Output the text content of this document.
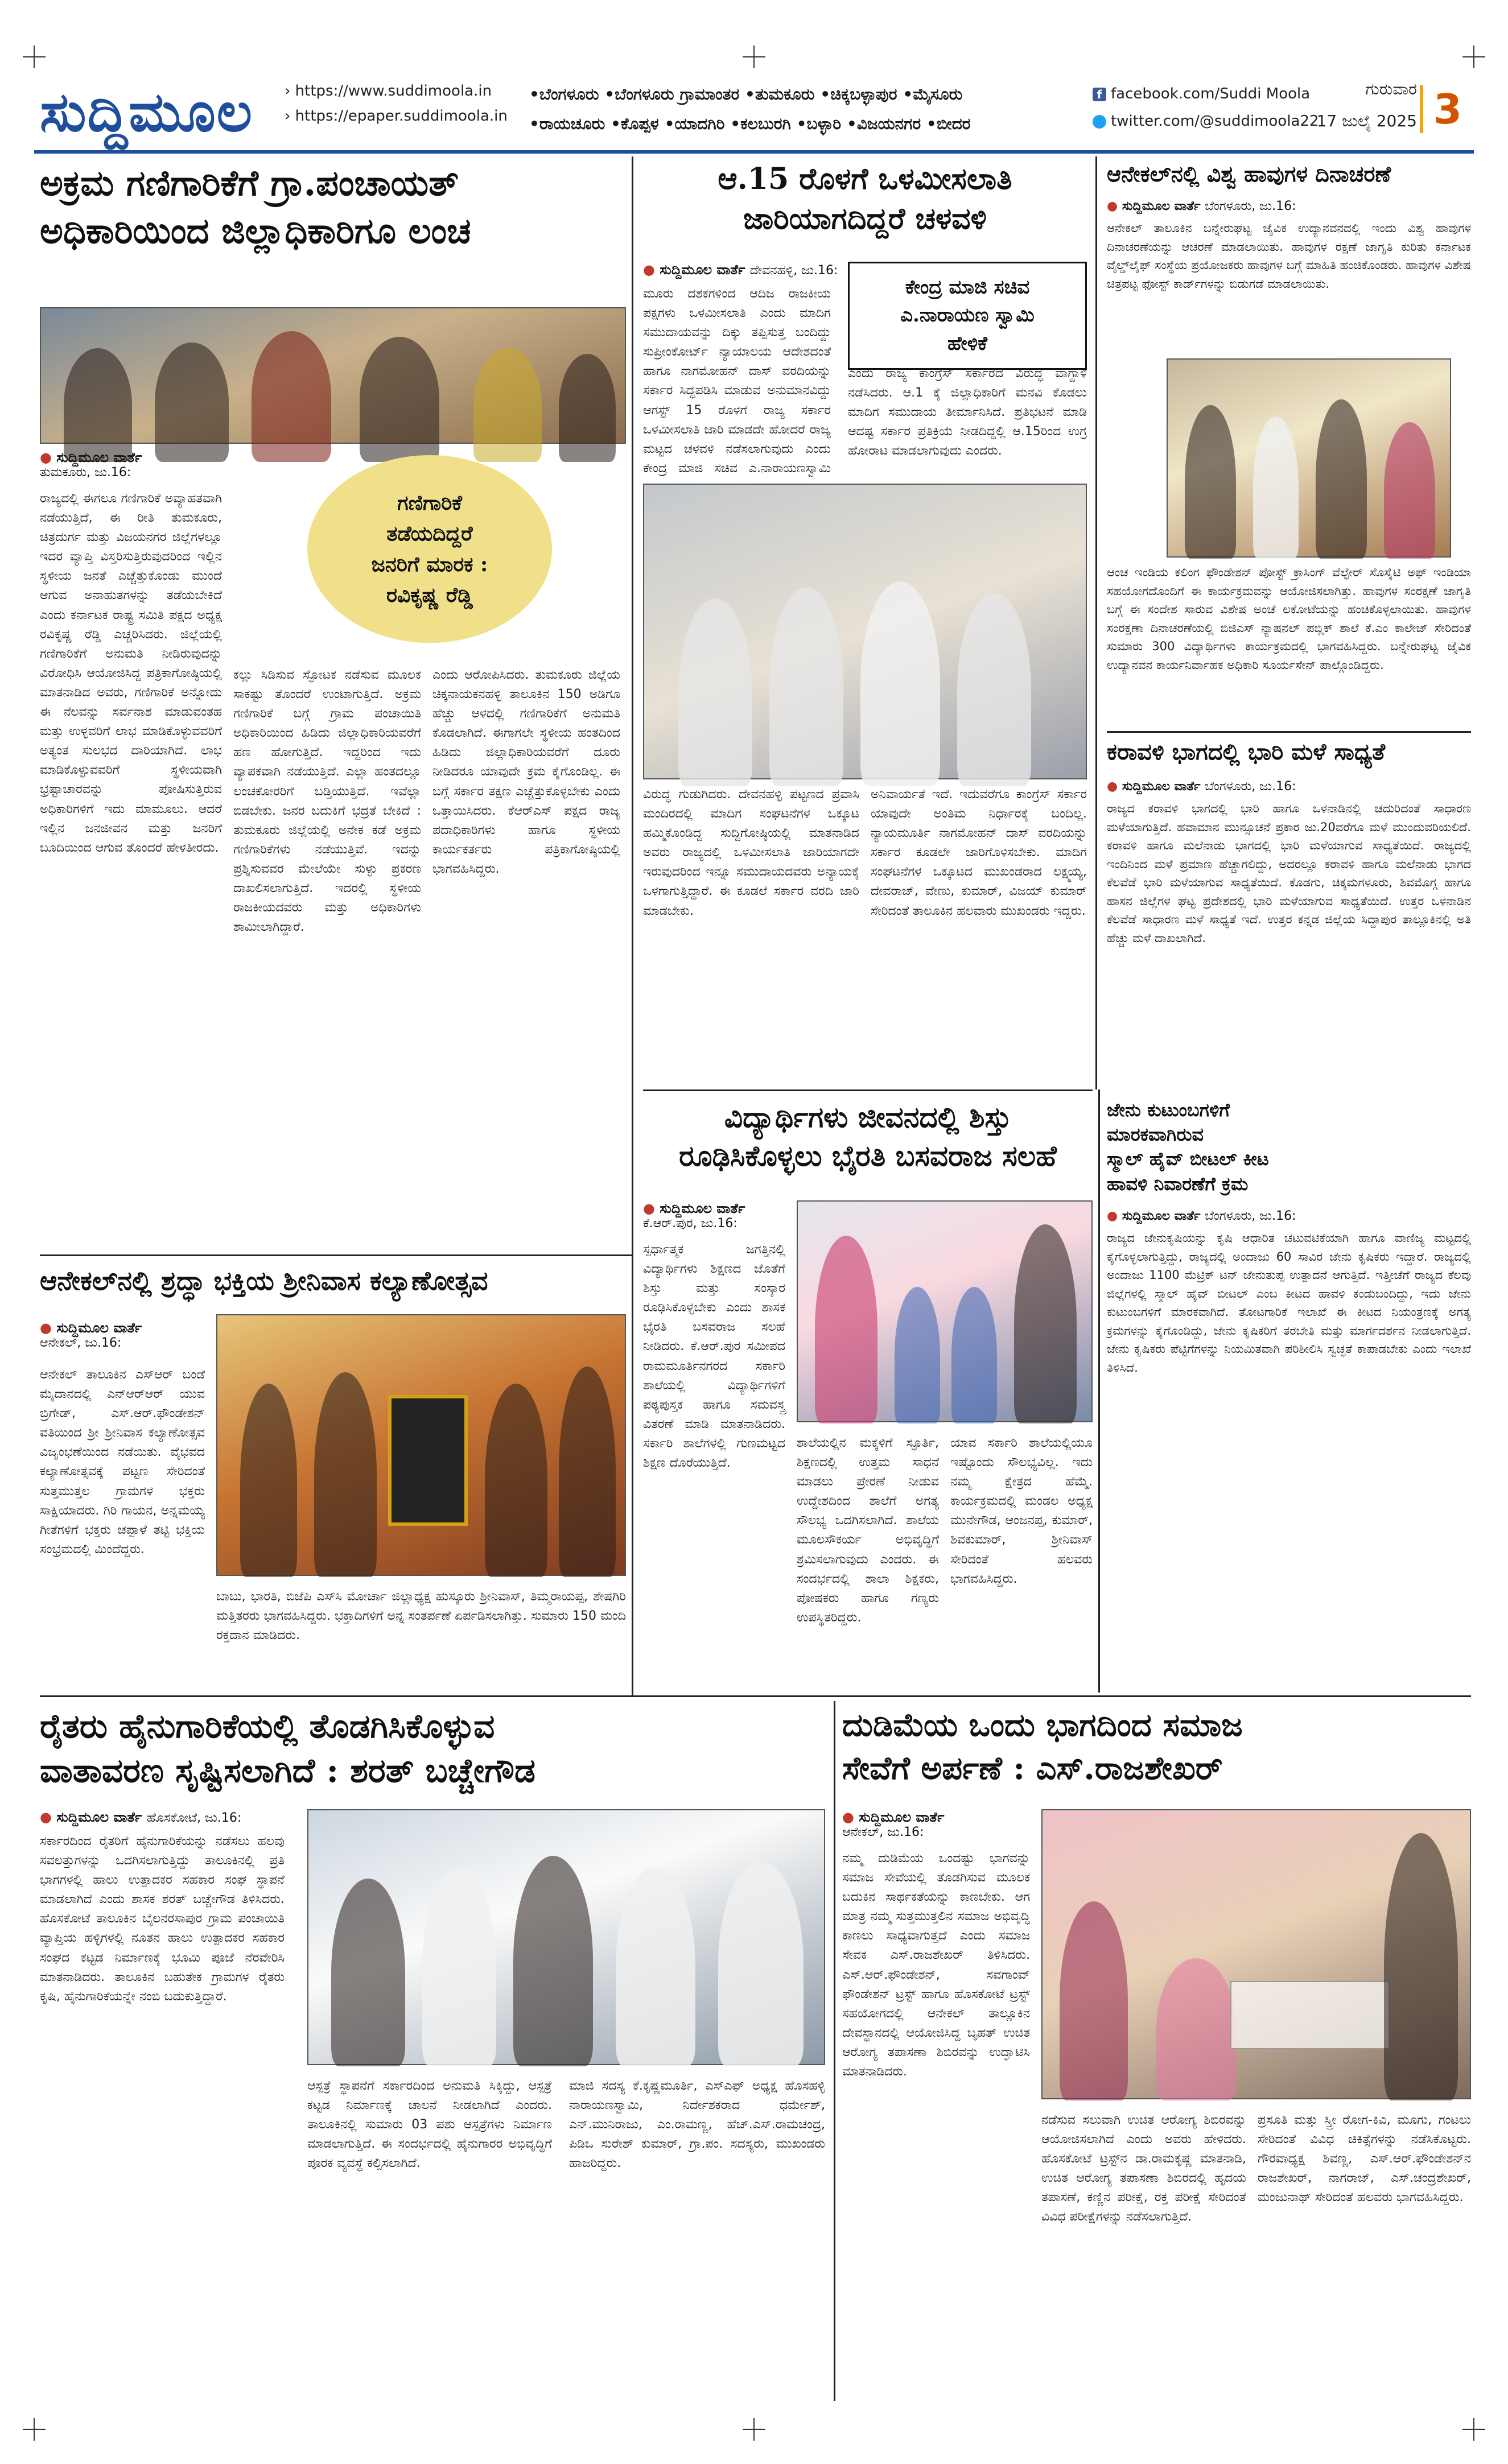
ಸುದ್ದಿಮೂಲ › https://www.suddimoola.in
› https://epaper.suddimoola.in
•ಬೆಂಗಳೂರು •ಬೆಂಗಳೂರು ಗ್ರಾಮಾಂತರ •ತುಮಕೂರು •ಚಿಕ್ಕಬಳ್ಳಾಪುರ •ಮೈಸೂರು
•ರಾಯಚೂರು •ಕೊಪ್ಪಳ •ಯಾದಗಿರಿ •ಕಲಬುರಗಿ •ಬಳ್ಳಾರಿ •ವಿಜಯನಗರ •ಬೀದರ
f facebook.com/Suddi Moola
twitter.com/@suddimoola22
ಗುರುವಾರ
17 ಜುಲೈ 2025 3
ಅಕ್ರಮ ಗಣಿಗಾರಿಕೆಗೆ ಗ್ರಾ.ಪಂಚಾಯತ್
ಅಧಿಕಾರಿಯಿಂದ ಜಿಲ್ಲಾಧಿಕಾರಿಗೂ ಲಂಚ
● ಸುದ್ದಿಮೂಲ ವಾರ್ತೆ
ತುಮಕೂರು, ಜು.16:
ರಾಜ್ಯದಲ್ಲಿ ಈಗಲೂ ಗಣಿಗಾರಿಕೆ ಅವ್ಯಾಹತವಾಗಿ ನಡೆಯುತ್ತಿದೆ, ಈ ರೀತಿ ತುಮಕೂರು, ಚಿತ್ರದುರ್ಗ ಮತ್ತು ವಿಜಯನಗರ ಜಿಲ್ಲೆಗಳಲ್ಲೂ ಇದರ ವ್ಯಾಪ್ತಿ ವಿಸ್ತರಿಸುತ್ತಿರುವುದರಿಂದ ಇಲ್ಲಿನ ಸ್ಥಳೀಯ ಜನತೆ ಎಚ್ಚೆತ್ತುಕೊಂಡು ಮುಂದೆ ಆಗುವ ಅನಾಹುತಗಳನ್ನು ತಡೆಯಬೇಕಿದೆ ಎಂದು ಕರ್ನಾಟಕ ರಾಷ್ಟ್ರ ಸಮಿತಿ ಪಕ್ಷದ ಅಧ್ಯಕ್ಷ ರವಿಕೃಷ್ಣ ರೆಡ್ಡಿ ಎಚ್ಚರಿಸಿದರು. ಜಿಲ್ಲೆಯಲ್ಲಿ ಗಣಿಗಾರಿಕೆಗೆ ಅನುಮತಿ ನೀಡಿರುವುದನ್ನು ವಿರೋಧಿಸಿ ಆಯೋಜಿಸಿದ್ದ ಪತ್ರಿಕಾಗೋಷ್ಠಿಯಲ್ಲಿ ಮಾತನಾಡಿದ ಅವರು, ಗಣಿಗಾರಿಕೆ ಅನ್ನೋದು ಈ ನೆಲವನ್ನು ಸರ್ವನಾಶ ಮಾಡುವಂತಹ ಮತ್ತು ಉಳ್ಳವರಿಗೆ ಲಾಭ ಮಾಡಿಕೊಳ್ಳುವವರಿಗೆ ಅತ್ಯಂತ ಸುಲಭದ ದಾರಿಯಾಗಿದೆ. ಲಾಭ ಮಾಡಿಕೊಳ್ಳುವವರಿಗೆ ಸ್ಥಳೀಯವಾಗಿ ಭ್ರಷ್ಟಾಚಾರವನ್ನು ಪೋಷಿಸುತ್ತಿರುವ ಅಧಿಕಾರಿಗಳಿಗೆ ಇದು ಮಾಮೂಲು. ಆದರೆ ಇಲ್ಲಿನ ಜನಜೀವನ ಮತ್ತು ಜನರಿಗೆ ಬೂದಿಯಿಂದ ಆಗುವ ತೊಂದರೆ ಹೇಳತೀರದು.
ಕಲ್ಲು ಸಿಡಿಸುವ ಸ್ಫೋಟಕ ನಡೆಸುವ ಮೂಲಕ ಸಾಕಷ್ಟು ತೊಂದರೆ ಉಂಟಾಗುತ್ತಿದೆ. ಅಕ್ರಮ ಗಣಿಗಾರಿಕೆ ಬಗ್ಗೆ ಗ್ರಾಮ ಪಂಚಾಯಿತಿ ಅಧಿಕಾರಿಯಿಂದ ಹಿಡಿದು ಜಿಲ್ಲಾಧಿಕಾರಿಯವರೆಗೆ ಹಣ ಹೋಗುತ್ತಿದೆ. ಇದ್ದರಿಂದ ಇದು ವ್ಯಾಪಕವಾಗಿ ನಡೆಯುತ್ತಿದೆ. ಎಲ್ಲಾ ಹಂತದಲ್ಲೂ ಲಂಚಕೋರರಿಗೆ ಬಡ್ತಿಯುತ್ತಿದೆ. ಇವೆಲ್ಲಾ ಬಿಡಬೇಕು. ಜನರ ಬದುಕಿಗೆ ಭದ್ರತೆ ಬೇಕಿದೆ : ತುಮಕೂರು ಜಿಲ್ಲೆಯಲ್ಲಿ ಅನೇಕ ಕಡೆ ಅಕ್ರಮ ಗಣಿಗಾರಿಕೆಗಳು ನಡೆಯುತ್ತಿವೆ. ಇದನ್ನು ಪ್ರಶ್ನಿಸುವವರ ಮೇಲೆಯೇ ಸುಳ್ಳು ಪ್ರಕರಣ ದಾಖಲಿಸಲಾಗುತ್ತಿದೆ. ಇದರಲ್ಲಿ ಸ್ಥಳೀಯ ರಾಜಕೀಯದವರು ಮತ್ತು ಅಧಿಕಾರಿಗಳು ಶಾಮೀಲಾಗಿದ್ದಾರೆ.
ಎಂದು ಆರೋಪಿಸಿದರು. ತುಮಕೂರು ಜಿಲ್ಲೆಯ ಚಿಕ್ಕನಾಯಕನಹಳ್ಳಿ ತಾಲೂಕಿನ 150 ಅಡಿಗೂ ಹೆಚ್ಚು ಆಳದಲ್ಲಿ ಗಣಿಗಾರಿಕೆಗೆ ಅನುಮತಿ ಕೊಡಲಾಗಿದೆ. ಈಗಾಗಲೇ ಸ್ಥಳೀಯ ಹಂತದಿಂದ ಹಿಡಿದು ಜಿಲ್ಲಾಧಿಕಾರಿಯವರೆಗೆ ದೂರು ನೀಡಿದರೂ ಯಾವುದೇ ಕ್ರಮ ಕೈಗೊಂಡಿಲ್ಲ. ಈ ಬಗ್ಗೆ ಸರ್ಕಾರ ತಕ್ಷಣ ಎಚ್ಚೆತ್ತುಕೊಳ್ಳಬೇಕು ಎಂದು ಒತ್ತಾಯಿಸಿದರು. ಕೆಆರ್‌ಎಸ್ ಪಕ್ಷದ ರಾಜ್ಯ ಪದಾಧಿಕಾರಿಗಳು ಹಾಗೂ ಸ್ಥಳೀಯ ಕಾರ್ಯಕರ್ತರು ಪತ್ರಿಕಾಗೋಷ್ಠಿಯಲ್ಲಿ ಭಾಗವಹಿಸಿದ್ದರು.
ಗಣಿಗಾರಿಕೆ
ತಡೆಯದಿದ್ದರೆ
ಜನರಿಗೆ ಮಾರಕ :
ರವಿಕೃಷ್ಣ ರೆಡ್ಡಿ
ಆ.15 ರೊಳಗೆ ಒಳಮೀಸಲಾತಿ
ಜಾರಿಯಾಗದಿದ್ದರೆ ಚಳವಳಿ
● ಸುದ್ದಿಮೂಲ ವಾರ್ತೆ ದೇವನಹಳ್ಳಿ, ಜು.16:
ಮೂರು ದಶಕಗಳಿಂದ ಆದಿಜ ರಾಜಕೀಯ ಪಕ್ಷಗಳು ಒಳಮೀಸಲಾತಿ ಎಂದು ಮಾದಿಗ ಸಮುದಾಯವನ್ನು ದಿಕ್ಕು ತಪ್ಪಿಸುತ್ತ ಬಂದಿದ್ದು ಸುಪ್ರೀಂಕೋರ್ಟ್ ನ್ಯಾಯಾಲಯ ಆದೇಶದಂತೆ ಹಾಗೂ ನಾಗಮೋಹನ್ ದಾಸ್ ವರದಿಯನ್ನು ಸರ್ಕಾರ ಸಿದ್ಧಪಡಿಸಿ ಮಾಡುವ ಅನುಮಾನವಿದ್ದು ಆಗಸ್ಟ್ 15 ರೊಳಗೆ ರಾಜ್ಯ ಸರ್ಕಾರ ಒಳಮೀಸಲಾತಿ ಜಾರಿ ಮಾಡದೇ ಹೋದರೆ ರಾಜ್ಯ ಮಟ್ಟದ ಚಳವಳಿ ನಡೆಸಲಾಗುವುದು ಎಂದು ಕೇಂದ್ರ ಮಾಜಿ ಸಚಿವ ಎ.ನಾರಾಯಣಸ್ವಾಮಿ
ಕೇಂದ್ರ ಮಾಜಿ ಸಚಿವ
ಎ.ನಾರಾಯಣ ಸ್ವಾಮಿ
ಹೇಳಿಕೆ
ಎಂದು ರಾಜ್ಯ ಕಾಂಗ್ರೆಸ್ ಸರ್ಕಾರದ ವಿರುದ್ಧ ವಾಗ್ದಾಳಿ ನಡೆಸಿದರು. ಆ.1 ಕ್ಕೆ ಜಿಲ್ಲಾಧಿಕಾರಿಗೆ ಮನವಿ ಕೊಡಲು ಮಾದಿಗ ಸಮುದಾಯ ತೀರ್ಮಾನಿಸಿದೆ. ಪ್ರತಿಭಟನೆ ಮಾಡಿ ಆದಷ್ಟ ಸರ್ಕಾರ ಪ್ರತಿಕ್ರಿಯೆ ನೀಡದಿದ್ದಲ್ಲಿ ಆ.15ರಿಂದ ಉಗ್ರ ಹೋರಾಟ ಮಾಡಲಾಗುವುದು ಎಂದರು.
ವಿರುದ್ಧ ಗುಡುಗಿದರು. ದೇವನಹಳ್ಳಿ ಪಟ್ಟಣದ ಪ್ರವಾಸಿ ಮಂದಿರದಲ್ಲಿ ಮಾದಿಗ ಸಂಘಟನೆಗಳ ಒಕ್ಕೂಟ ಹಮ್ಮಿಕೊಂಡಿದ್ದ ಸುದ್ದಿಗೋಷ್ಠಿಯಲ್ಲಿ ಮಾತನಾಡಿದ ಅವರು ರಾಜ್ಯದಲ್ಲಿ ಒಳಮೀಸಲಾತಿ ಜಾರಿಯಾಗದೇ ಇರುವುದರಿಂದ ಇನ್ನೂ ಸಮುದಾಯದವರು ಅನ್ಯಾಯಕ್ಕೆ ಒಳಗಾಗುತ್ತಿದ್ದಾರೆ. ಈ ಕೂಡಲೆ ಸರ್ಕಾರ ವರದಿ ಜಾರಿ ಮಾಡಬೇಕು.
ಅನಿವಾರ್ಯತೆ ಇದೆ. ಇದುವರೆಗೂ ಕಾಂಗ್ರೆಸ್ ಸರ್ಕಾರ ಯಾವುದೇ ಅಂತಿಮ ನಿರ್ಧಾರಕ್ಕೆ ಬಂದಿಲ್ಲ. ನ್ಯಾಯಮೂರ್ತಿ ನಾಗಮೋಹನ್ ದಾಸ್ ವರದಿಯನ್ನು ಸರ್ಕಾರ ಕೂಡಲೇ ಜಾರಿಗೊಳಿಸಬೇಕು. ಮಾದಿಗ ಸಂಘಟನೆಗಳ ಒಕ್ಕೂಟದ ಮುಖಂಡರಾದ ಲಕ್ಷ್ಮಯ್ಯ, ದೇವರಾಜ್, ವೇಣು, ಕುಮಾರ್, ವಿಜಯ್ ಕುಮಾರ್ ಸೇರಿದಂತೆ ತಾಲೂಕಿನ ಹಲವಾರು ಮುಖಂಡರು ಇದ್ದರು.
ಆನೇಕಲ್‌ನಲ್ಲಿ ವಿಶ್ವ ಹಾವುಗಳ ದಿನಾಚರಣೆ
● ಸುದ್ದಿಮೂಲ ವಾರ್ತೆ ಬೆಂಗಳೂರು, ಜು.16:
ಆನೇಕಲ್ ತಾಲೂಕಿನ ಬನ್ನೇರುಘಟ್ಟ ಜೈವಿಕ ಉದ್ಯಾನವನದಲ್ಲಿ ಇಂದು ವಿಶ್ವ ಹಾವುಗಳ ದಿನಾಚರಣೆಯನ್ನು ಆಚರಣೆ ಮಾಡಲಾಯಿತು. ಹಾವುಗಳ ರಕ್ಷಣೆ ಜಾಗೃತಿ ಕುರಿತು ಕರ್ನಾಟಕ ವೈಲ್ಡ್‌ಲೈಫ್ ಸಂಸ್ಥೆಯ ಪ್ರಯೋಜಕರು ಹಾವುಗಳ ಬಗ್ಗೆ ಮಾಹಿತಿ ಹಂಚಿಕೊಂಡರು. ಹಾವುಗಳ ವಿಶೇಷ ಚಿತ್ರಪಟ್ಟ ಫೋಸ್ಟ್ ಕಾರ್ಡ್‌ಗಳನ್ನು ಬಿಡುಗಡೆ ಮಾಡಲಾಯಿತು.
ಆಂಚ ಇಂಡಿಯ ಕಲಿಂಗ ಫೌಂಡೇಶನ್ ಪೋಸ್ಟ್ ಕ್ರಾಸಿಂಗ್ ವೆಲ್ಫೇರ್ ಸೊಸೈಟಿ ಅಫ್ ಇಂಡಿಯಾ ಸಹಯೋಗದೊಂದಿಗೆ ಈ ಕಾರ್ಯಕ್ರಮವನ್ನು ಆಯೋಜಿಸಲಾಗಿತ್ತು. ಹಾವುಗಳ ಸಂರಕ್ಷಣೆ ಜಾಗೃತಿ ಬಗ್ಗೆ ಈ ಸಂದೇಶ ಸಾರುವ ವಿಶೇಷ ಅಂಚೆ ಲಕೋಟೆಯನ್ನು ಹಂಚಿಕೊಳ್ಳಲಾಯಿತು. ಹಾವುಗಳ ಸಂರಕ್ಷಣಾ ದಿನಾಚರಣೆಯಲ್ಲಿ ಬಿಜಿಎಸ್ ನ್ಯಾಷನಲ್ ಪಬ್ಲಿಕ್ ಶಾಲೆ ಕೆ.ಎಂ ಕಾಲೇಜ್ ಸೇರಿದಂತೆ ಸುಮಾರು 300 ವಿದ್ಯಾರ್ಥಿಗಳು ಕಾರ್ಯಕ್ರಮದಲ್ಲಿ ಭಾಗವಹಿಸಿದ್ದರು. ಬನ್ನೇರುಘಟ್ಟ ಜೈವಿಕ ಉದ್ಯಾನವನ ಕಾರ್ಯನಿರ್ವಾಹಕ ಅಧಿಕಾರಿ ಸೂರ್ಯಸೇನ್ ಪಾಲ್ಗೊಂಡಿದ್ದರು.
ಕರಾವಳಿ ಭಾಗದಲ್ಲಿ ಭಾರಿ ಮಳೆ ಸಾಧ್ಯತೆ
● ಸುದ್ದಿಮೂಲ ವಾರ್ತೆ ಬೆಂಗಳೂರು, ಜು.16:
ರಾಜ್ಯದ ಕರಾವಳಿ ಭಾಗದಲ್ಲಿ ಭಾರಿ ಹಾಗೂ ಒಳನಾಡಿನಲ್ಲಿ ಚದುರಿದಂತೆ ಸಾಧಾರಣ ಮಳೆಯಾಗುತ್ತಿದೆ. ಹವಾಮಾನ ಮುನ್ಸೂಚನೆ ಪ್ರಕಾರ ಜು.20ವರೆಗೂ ಮಳೆ ಮುಂದುವರಿಯಲಿದೆ. ಕರಾವಳಿ ಹಾಗೂ ಮಲೆನಾಡು ಭಾಗದಲ್ಲಿ ಭಾರಿ ಮಳೆಯಾಗುವ ಸಾಧ್ಯತೆಯಿದೆ. ರಾಜ್ಯದಲ್ಲಿ ಇಂದಿನಿಂದ ಮಳೆ ಪ್ರಮಾಣ ಹೆಚ್ಚಾಗಲಿದ್ದು, ಅದರಲ್ಲೂ ಕರಾವಳಿ ಹಾಗೂ ಮಲೆನಾಡು ಭಾಗದ ಕೆಲವೆಡೆ ಭಾರಿ ಮಳೆಯಾಗುವ ಸಾಧ್ಯತೆಯಿದೆ. ಕೊಡಗು, ಚಿಕ್ಕಮಗಳೂರು, ಶಿವಮೊಗ್ಗ ಹಾಗೂ ಹಾಸನ ಜಿಲ್ಲೆಗಳ ಘಟ್ಟ ಪ್ರದೇಶದಲ್ಲಿ ಭಾರಿ ಮಳೆಯಾಗುವ ಸಾಧ್ಯತೆಯಿದೆ. ಉತ್ತರ ಒಳನಾಡಿನ ಕೆಲವೆಡೆ ಸಾಧಾರಣ ಮಳೆ ಸಾಧ್ಯತೆ ಇದೆ. ಉತ್ತರ ಕನ್ನಡ ಜಿಲ್ಲೆಯ ಸಿದ್ದಾಪುರ ತಾಲ್ಲೂಕಿನಲ್ಲಿ ಅತಿ ಹೆಚ್ಚು ಮಳೆ ದಾಖಲಾಗಿದೆ.
ಆನೇಕಲ್‌ನಲ್ಲಿ ಶ್ರದ್ಧಾ ಭಕ್ತಿಯ ಶ್ರೀನಿವಾಸ ಕಲ್ಯಾಣೋತ್ಸವ
● ಸುದ್ದಿಮೂಲ ವಾರ್ತೆ
ಆನೇಕಲ್, ಜು.16:
ಆನೇಕಲ್ ತಾಲೂಕಿನ ಎಸ್ಆರ್ ಬಂಡೆ ಮೈದಾನದಲ್ಲಿ ಎನ್‌ಆರ್‌ಆರ್ ಯುವ ಬ್ರಿಗೇಡ್, ಎಸ್.ಆರ್.ಫೌಂಡೇಶನ್ ವತಿಯಿಂದ ಶ್ರೀ ಶ್ರೀನಿವಾಸ ಕಲ್ಯಾಣೋತ್ಸವ ವಿಜೃಂಭಣೆಯಿಂದ ನಡೆಯಿತು. ವೈಭವದ ಕಲ್ಯಾಣೋತ್ಸವಕ್ಕೆ ಪಟ್ಟಣ ಸೇರಿದಂತೆ ಸುತ್ತಮುತ್ತಲ ಗ್ರಾಮಗಳ ಭಕ್ತರು ಸಾಕ್ಷಿಯಾದರು. ಗಿರಿ ಗಾಯನ, ಅನ್ನಮಯ್ಯ ಗೀತೆಗಳಿಗೆ ಭಕ್ತರು ಚಪ್ಪಾಳೆ ತಟ್ಟಿ ಭಕ್ತಿಯ ಸಂಭ್ರಮದಲ್ಲಿ ಮಿಂದೆದ್ದರು.
ಬಾಬು, ಭಾರತಿ, ಬಿಜೆಪಿ ಎಸ್‌ಸಿ ಮೋರ್ಚಾ ಜಿಲ್ಲಾಧ್ಯಕ್ಷ ಹುಸ್ಕೂರು ಶ್ರೀನಿವಾಸ್, ತಿಮ್ಮರಾಯಪ್ಪ, ಶೇಷಗಿರಿ ಮತ್ತಿತರರು ಭಾಗವಹಿಸಿದ್ದರು. ಭಕ್ತಾದಿಗಳಿಗೆ ಅನ್ನ ಸಂತರ್ಪಣೆ ಏರ್ಪಡಿಸಲಾಗಿತ್ತು. ಸುಮಾರು 150 ಮಂದಿ ರಕ್ತದಾನ ಮಾಡಿದರು.
ವಿದ್ಯಾರ್ಥಿಗಳು ಜೀವನದಲ್ಲಿ ಶಿಸ್ತು
ರೂಢಿಸಿಕೊಳ್ಳಲು ಭೈರತಿ ಬಸವರಾಜ ಸಲಹೆ
● ಸುದ್ದಿಮೂಲ ವಾರ್ತೆ
ಕೆ.ಆರ್.ಪುರ, ಜು.16:
ಸ್ಪರ್ಧಾತ್ಮಕ ಜಗತ್ತಿನಲ್ಲಿ ವಿದ್ಯಾರ್ಥಿಗಳು ಶಿಕ್ಷಣದ ಜೊತೆಗೆ ಶಿಸ್ತು ಮತ್ತು ಸಂಸ್ಕಾರ ರೂಢಿಸಿಕೊಳ್ಳಬೇಕು ಎಂದು ಶಾಸಕ ಭೈರತಿ ಬಸವರಾಜ ಸಲಹೆ ನೀಡಿದರು. ಕೆ.ಆರ್.ಪುರ ಸಮೀಪದ ರಾಮಮೂರ್ತಿನಗರದ ಸರ್ಕಾರಿ ಶಾಲೆಯಲ್ಲಿ ವಿದ್ಯಾರ್ಥಿಗಳಿಗೆ ಪಠ್ಯಪುಸ್ತಕ ಹಾಗೂ ಸಮವಸ್ತ್ರ ವಿತರಣೆ ಮಾಡಿ ಮಾತನಾಡಿದರು. ಸರ್ಕಾರಿ ಶಾಲೆಗಳಲ್ಲಿ ಗುಣಮಟ್ಟದ ಶಿಕ್ಷಣ ದೊರೆಯುತ್ತಿದೆ.
ಶಾಲೆಯಲ್ಲಿನ ಮಕ್ಕಳಿಗೆ ಸ್ಫೂರ್ತಿ, ಶಿಕ್ಷಣದಲ್ಲಿ ಉತ್ತಮ ಸಾಧನೆ ಮಾಡಲು ಪ್ರೇರಣೆ ನೀಡುವ ಉದ್ದೇಶದಿಂದ ಶಾಲೆಗೆ ಅಗತ್ಯ ಸೌಲಭ್ಯ ಒದಗಿಸಲಾಗಿದೆ. ಶಾಲೆಯ ಮೂಲಸೌಕರ್ಯ ಅಭಿವೃದ್ಧಿಗೆ ಶ್ರಮಿಸಲಾಗುವುದು ಎಂದರು. ಈ ಸಂದರ್ಭದಲ್ಲಿ ಶಾಲಾ ಶಿಕ್ಷಕರು, ಪೋಷಕರು ಹಾಗೂ ಗಣ್ಯರು ಉಪಸ್ಥಿತರಿದ್ದರು.
ಯಾವ ಸರ್ಕಾರಿ ಶಾಲೆಯಲ್ಲಿಯೂ ಇಷ್ಟೊಂದು ಸೌಲಭ್ಯವಿಲ್ಲ. ಇದು ನಮ್ಮ ಕ್ಷೇತ್ರದ ಹೆಮ್ಮೆ. ಕಾರ್ಯಕ್ರಮದಲ್ಲಿ ಮಂಡಲ ಅಧ್ಯಕ್ಷ ಮುನೇಗೌಡ, ಆಂಜನಪ್ಪ, ಕುಮಾರ್, ಶಿವಕುಮಾರ್, ಶ್ರೀನಿವಾಸ್ ಸೇರಿದಂತೆ ಹಲವರು ಭಾಗವಹಿಸಿದ್ದರು.
ಜೇನು ಕುಟುಂಬಗಳಿಗೆ
ಮಾರಕವಾಗಿರುವ
ಸ್ಮಾಲ್ ಹೈವ್ ಬೀಟಲ್ ಕೀಟ
ಹಾವಳಿ ನಿವಾರಣೆಗೆ ಕ್ರಮ
● ಸುದ್ದಿಮೂಲ ವಾರ್ತೆ ಬೆಂಗಳೂರು, ಜು.16:
ರಾಜ್ಯದ ಜೇನುಕೃಷಿಯನ್ನು ಕೃಷಿ ಆಧಾರಿತ ಚಟುವಟಿಕೆಯಾಗಿ ಹಾಗೂ ವಾಣಿಜ್ಯ ಮಟ್ಟದಲ್ಲಿ ಕೈಗೊಳ್ಳಲಾಗುತ್ತಿದ್ದು, ರಾಜ್ಯದಲ್ಲಿ ಅಂದಾಜು 60 ಸಾವಿರ ಜೇನು ಕೃಷಿಕರು ಇದ್ದಾರೆ. ರಾಜ್ಯದಲ್ಲಿ ಅಂದಾಜು 1100 ಮೆಟ್ರಿಕ್ ಟನ್ ಜೇನುತುಪ್ಪ ಉತ್ಪಾದನೆ ಆಗುತ್ತಿದೆ. ಇತ್ತೀಚೆಗೆ ರಾಜ್ಯದ ಕೆಲವು ಜಿಲ್ಲೆಗಳಲ್ಲಿ ಸ್ಮಾಲ್ ಹೈವ್ ಬೀಟಲ್ ಎಂಬ ಕೀಟದ ಹಾವಳಿ ಕಂಡುಬಂದಿದ್ದು, ಇದು ಜೇನು ಕುಟುಂಬಗಳಿಗೆ ಮಾರಕವಾಗಿದೆ. ತೋಟಗಾರಿಕೆ ಇಲಾಖೆ ಈ ಕೀಟದ ನಿಯಂತ್ರಣಕ್ಕೆ ಅಗತ್ಯ ಕ್ರಮಗಳನ್ನು ಕೈಗೊಂಡಿದ್ದು, ಜೇನು ಕೃಷಿಕರಿಗೆ ತರಬೇತಿ ಮತ್ತು ಮಾರ್ಗದರ್ಶನ ನೀಡಲಾಗುತ್ತಿದೆ. ಜೇನು ಕೃಷಿಕರು ಪೆಟ್ಟಿಗೆಗಳನ್ನು ನಿಯಮಿತವಾಗಿ ಪರಿಶೀಲಿಸಿ ಸ್ವಚ್ಛತೆ ಕಾಪಾಡಬೇಕು ಎಂದು ಇಲಾಖೆ ತಿಳಿಸಿದೆ.
ರೈತರು ಹೈನುಗಾರಿಕೆಯಲ್ಲಿ ತೊಡಗಿಸಿಕೊಳ್ಳುವ
ವಾತಾವರಣ ಸೃಷ್ಟಿಸಲಾಗಿದೆ : ಶರತ್ ಬಚ್ಚೇಗೌಡ
● ಸುದ್ದಿಮೂಲ ವಾರ್ತೆ ಹೊಸಕೋಟೆ, ಜು.16:
ಸರ್ಕಾರದಿಂದ ರೈತರಿಗೆ ಹೈನುಗಾರಿಕೆಯನ್ನು ನಡೆಸಲು ಹಲವು ಸವಲತ್ತುಗಳನ್ನು ಒದಗಿಸಲಾಗುತ್ತಿದ್ದು ತಾಲೂಕಿನಲ್ಲಿ ಪ್ರತಿ ಭಾಗಗಳಲ್ಲಿ ಹಾಲು ಉತ್ಪಾದಕರ ಸಹಕಾರ ಸಂಘ ಸ್ಥಾಪನೆ ಮಾಡಲಾಗಿದೆ ಎಂದು ಶಾಸಕ ಶರತ್ ಬಚ್ಚೇಗೌಡ ತಿಳಿಸಿದರು. ಹೊಸಕೋಟೆ ತಾಲೂಕಿನ ಬೈಲನರಸಾಪುರ ಗ್ರಾಮ ಪಂಚಾಯಿತಿ ವ್ಯಾಪ್ತಿಯ ಹಳ್ಳಿಗಳಲ್ಲಿ ನೂತನ ಹಾಲು ಉತ್ಪಾದಕರ ಸಹಕಾರ ಸಂಘದ ಕಟ್ಟಡ ನಿರ್ಮಾಣಕ್ಕೆ ಭೂಮಿ ಪೂಜೆ ನೆರವೇರಿಸಿ ಮಾತನಾಡಿದರು. ತಾಲೂಕಿನ ಬಹುತೇಕ ಗ್ರಾಮಗಳ ರೈತರು ಕೃಷಿ, ಹೈನುಗಾರಿಕೆಯನ್ನೇ ನಂಬಿ ಬದುಕುತ್ತಿದ್ದಾರೆ.
ಆಸ್ಪತ್ರೆ ಸ್ಥಾಪನೆಗೆ ಸರ್ಕಾರದಿಂದ ಅನುಮತಿ ಸಿಕ್ಕಿದ್ದು, ಆಸ್ಪತ್ರೆ ಕಟ್ಟಡ ನಿರ್ಮಾಣಕ್ಕೆ ಚಾಲನೆ ನೀಡಲಾಗಿದೆ ಎಂದರು. ತಾಲೂಕಿನಲ್ಲಿ ಸುಮಾರು 03 ಪಶು ಆಸ್ಪತ್ರೆಗಳು ನಿರ್ಮಾಣ ಮಾಡಲಾಗುತ್ತಿದೆ. ಈ ಸಂದರ್ಭದಲ್ಲಿ ಹೈನುಗಾರರ ಅಭಿವೃದ್ಧಿಗೆ ಪೂರಕ ವ್ಯವಸ್ಥೆ ಕಲ್ಪಿಸಲಾಗಿದೆ.
ಮಾಜಿ ಸದಸ್ಯ ಕೆ.ಕೃಷ್ಣಮೂರ್ತಿ, ಎಸ್‌ಎಫ್ ಅಧ್ಯಕ್ಷ ಹೊಸಹಳ್ಳಿ ನಾರಾಯಣಸ್ವಾಮಿ, ನಿರ್ದೇಶಕರಾದ ಧರ್ಮೇಶ್, ಎನ್.ಮುನಿರಾಜು, ಎಂ.ರಾಮಣ್ಣ, ಹೆಚ್.ಎಸ್.ರಾಮಚಂದ್ರ, ಪಿಡಿಒ ಸುರೇಶ್ ಕುಮಾರ್, ಗ್ರಾ.ಪಂ. ಸದಸ್ಯರು, ಮುಖಂಡರು ಹಾಜರಿದ್ದರು.
ದುಡಿಮೆಯ ಒಂದು ಭಾಗದಿಂದ ಸಮಾಜ
ಸೇವೆಗೆ ಅರ್ಪಣೆ : ಎಸ್.ರಾಜಶೇಖರ್
● ಸುದ್ದಿಮೂಲ ವಾರ್ತೆ
ಆನೇಕಲ್, ಜು.16:
ನಮ್ಮ ದುಡಿಮೆಯ ಒಂದಷ್ಟು ಭಾಗವನ್ನು ಸಮಾಜ ಸೇವೆಯಲ್ಲಿ ತೊಡಗಿಸುವ ಮೂಲಕ ಬದುಕಿನ ಸಾರ್ಥಕತೆಯನ್ನು ಕಾಣಬೇಕು. ಆಗ ಮಾತ್ರ ನಮ್ಮ ಸುತ್ತಮುತ್ತಲಿನ ಸಮಾಜ ಅಭಿವೃದ್ಧಿ ಕಾಣಲು ಸಾಧ್ಯವಾಗುತ್ತದೆ ಎಂದು ಸಮಾಜ ಸೇವಕ ಎಸ್.ರಾಜಶೇಖರ್ ತಿಳಿಸಿದರು. ಎಸ್.ಆರ್.ಫೌಂಡೇಶನ್, ಸವಗಾಂವ್ ಫೌಂಡೇಶನ್ ಟ್ರಸ್ಟ್ ಹಾಗೂ ಹೊಸಕೋಟೆ ಟ್ರಸ್ಟ್ ಸಹಯೋಗದಲ್ಲಿ ಆನೇಕಲ್ ತಾಲ್ಲೂಕಿನ ದೇವಸ್ಥಾನದಲ್ಲಿ ಆಯೋಜಿಸಿದ್ದ ಬೃಹತ್ ಉಚಿತ ಆರೋಗ್ಯ ತಪಾಸಣಾ ಶಿಬಿರವನ್ನು ಉದ್ಘಾಟಿಸಿ ಮಾತನಾಡಿದರು.
ನಡೆಸುವ ಸಲುವಾಗಿ ಉಚಿತ ಆರೋಗ್ಯ ಶಿಬಿರವನ್ನು ಆಯೋಜಿಸಲಾಗಿದೆ ಎಂದು ಅವರು ಹೇಳಿದರು. ಹೊಸಕೋಟೆ ಟ್ರಸ್ಟ್‌ನ ಡಾ.ರಾಮಕೃಷ್ಣ ಮಾತನಾಡಿ, ಉಚಿತ ಆರೋಗ್ಯ ತಪಾಸಣಾ ಶಿಬಿರದಲ್ಲಿ ಹೃದಯ ತಪಾಸಣೆ, ಕಣ್ಣಿನ ಪರೀಕ್ಷೆ, ರಕ್ತ ಪರೀಕ್ಷೆ ಸೇರಿದಂತೆ ವಿವಿಧ ಪರೀಕ್ಷೆಗಳನ್ನು ನಡೆಸಲಾಗುತ್ತಿದೆ.
ಪ್ರಸೂತಿ ಮತ್ತು ಸ್ತ್ರೀ ರೋಗ-ಕಿವಿ, ಮೂಗು, ಗಂಟಲು ಸೇರಿದಂತೆ ವಿವಿಧ ಚಿಕಿತ್ಸೆಗಳನ್ನು ನಡೆಸಿಕೊಟ್ಟರು. ಗೌರವಾಧ್ಯಕ್ಷ ಶಿವಣ್ಣ, ಎಸ್.ಆರ್.ಫೌಂಡೇಶನ್‌ನ ರಾಜಶೇಖರ್, ನಾಗರಾಜ್, ಎಸ್.ಚಂದ್ರಶೇಖರ್, ಮಂಜುನಾಥ್ ಸೇರಿದಂತೆ ಹಲವರು ಭಾಗವಹಿಸಿದ್ದರು.
